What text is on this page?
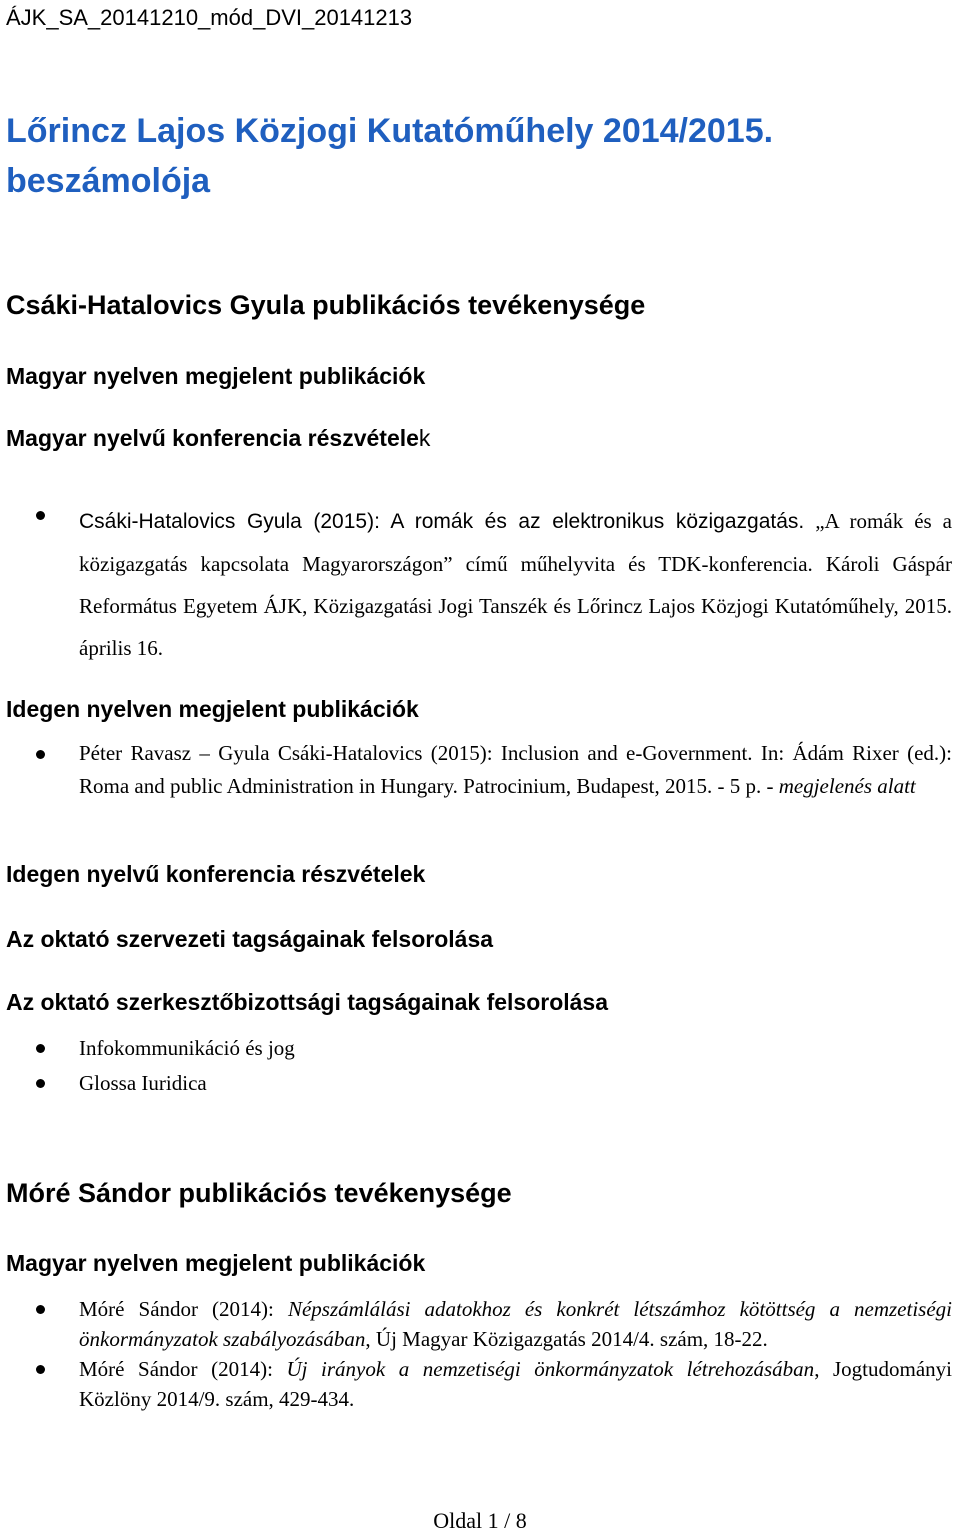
ÁJK_SA_20141210_mód_DVI_20141213
Lőrincz Lajos Közjogi Kutatóműhely 2014/2015.
beszámolója
Csáki-Hatalovics Gyula publikációs tevékenysége
Magyar nyelven megjelent publikációk
Magyar nyelvű konferencia részvételek
Csáki-Hatalovics Gyula (2015): A romák és az elektronikus közigazgatás. „A romák és a közigazgatás kapcsolata Magyarországon” című műhelyvita és TDK-konferencia. Károli Gáspár Református Egyetem ÁJK, Közigazgatási Jogi Tanszék és Lőrincz Lajos Közjogi Kutatóműhely, 2015. április 16.
Idegen nyelven megjelent publikációk
Péter Ravasz – Gyula Csáki-Hatalovics (2015): Inclusion and e-Government. In: Ádám Rixer (ed.): Roma and public Administration in Hungary. Patrocinium, Budapest, 2015. - 5 p. - megjelenés alatt
Idegen nyelvű konferencia részvételek
Az oktató szervezeti tagságainak felsorolása
Az oktató szerkesztőbizottsági tagságainak felsorolása
Infokommunikáció és jog
Glossa Iuridica
Móré Sándor publikációs tevékenysége
Magyar nyelven megjelent publikációk
Móré Sándor (2014): Népszámlálási adatokhoz és konkrét létszámhoz kötöttség a nemzetiségi önkormányzatok szabályozásában, Új Magyar Közigazgatás 2014/4. szám, 18-22.
Móré Sándor (2014): Új irányok a nemzetiségi önkormányzatok létrehozásában, Jogtudományi Közlöny 2014/9. szám, 429-434.
Oldal 1 / 8
